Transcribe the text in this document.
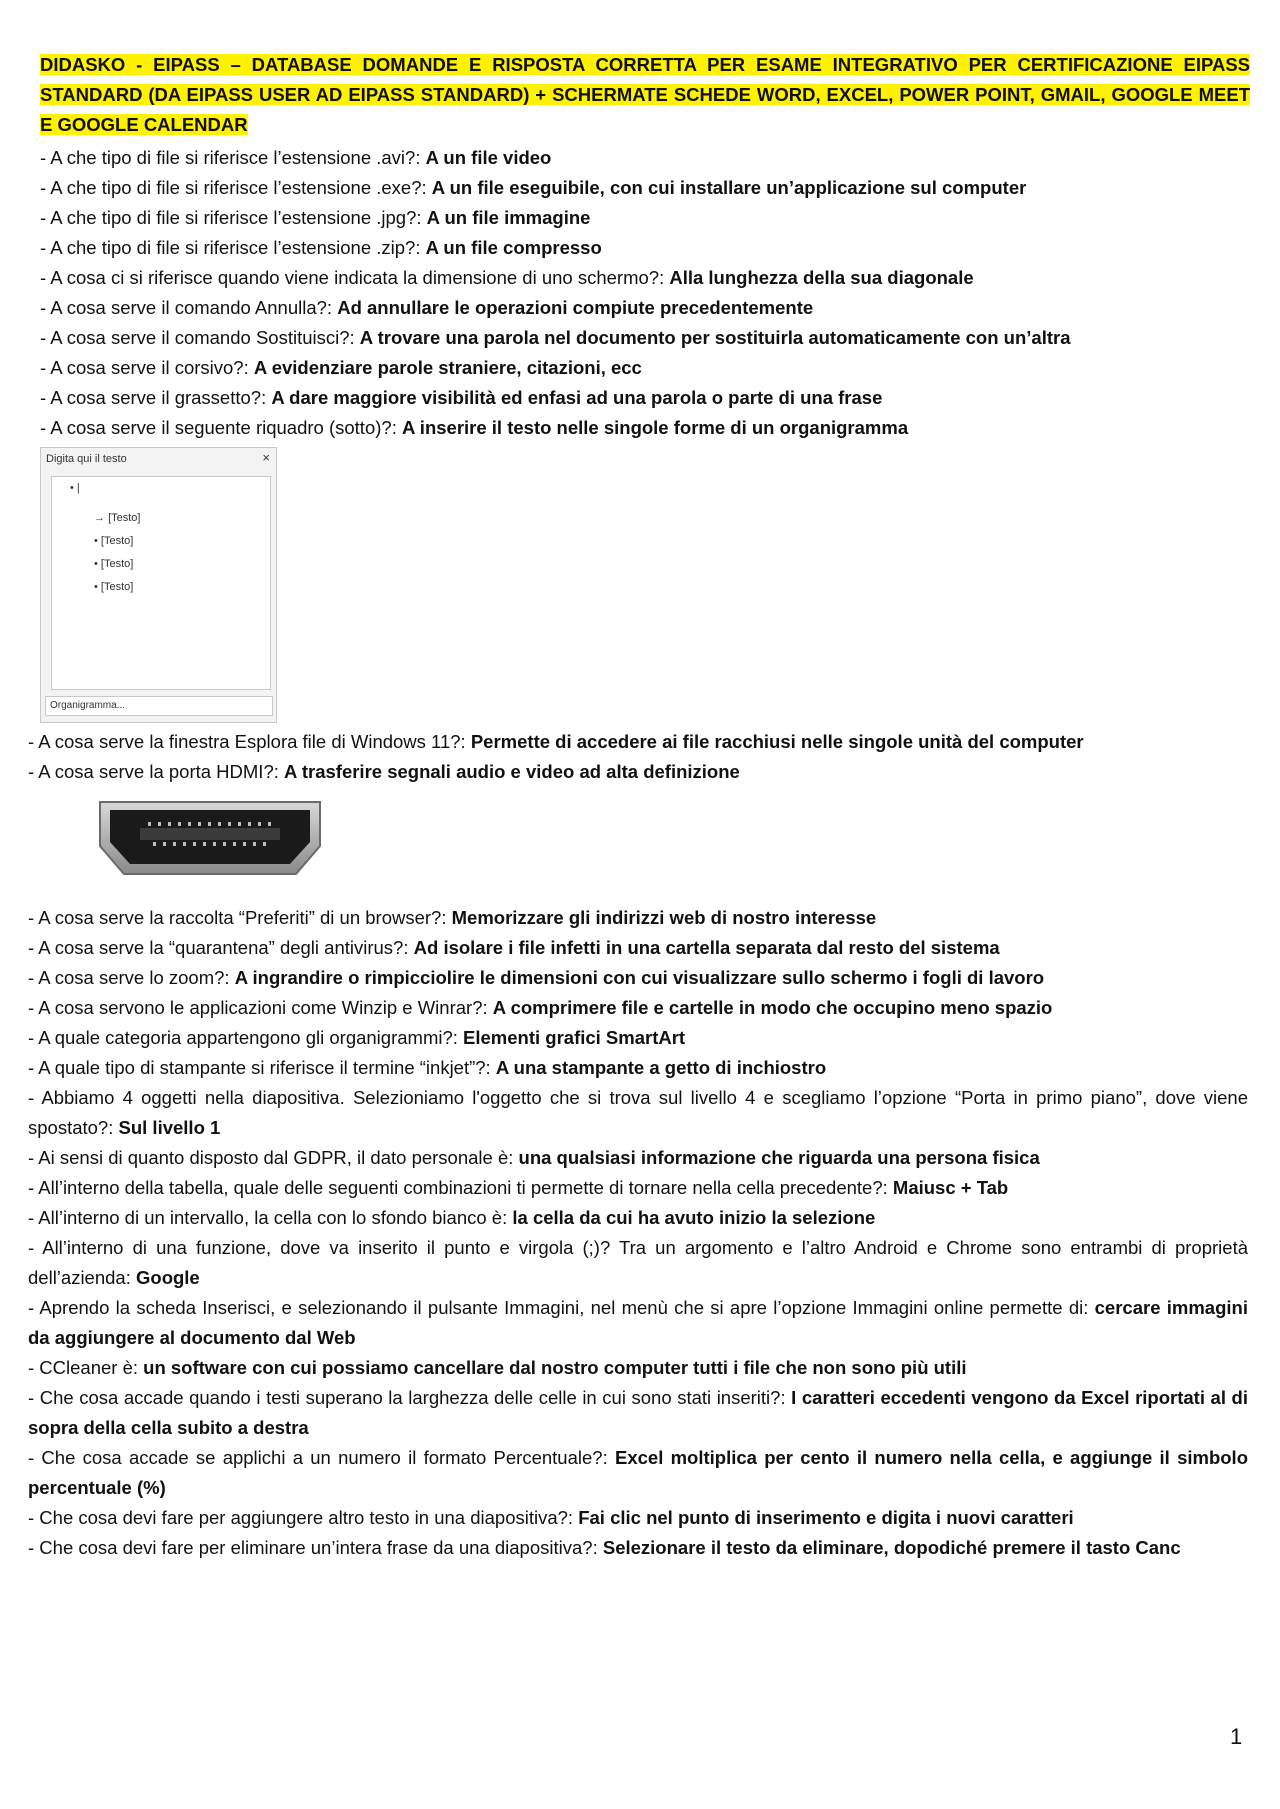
DIDASKO - EIPASS – DATABASE DOMANDE E RISPOSTA CORRETTA PER ESAME INTEGRATIVO PER CERTIFICAZIONE EIPASS STANDARD (DA EIPASS USER AD EIPASS STANDARD) + SCHERMATE SCHEDE WORD, EXCEL, POWER POINT, GMAIL, GOOGLE MEET E GOOGLE CALENDAR
- A che tipo di file si riferisce l’estensione .avi?: A un file video
- A che tipo di file si riferisce l’estensione .exe?: A un file eseguibile, con cui installare un’applicazione sul computer
- A che tipo di file si riferisce l’estensione .jpg?: A un file immagine
- A che tipo di file si riferisce l’estensione .zip?: A un file compresso
- A cosa ci si riferisce quando viene indicata la dimensione di uno schermo?: Alla lunghezza della sua diagonale
- A cosa serve il comando Annulla?: Ad annullare le operazioni compiute precedentemente
- A cosa serve il comando Sostituisci?: A trovare una parola nel documento per sostituirla automaticamente con un’altra
- A cosa serve il corsivo?: A evidenziare parole straniere, citazioni, ecc
- A cosa serve il grassetto?: A dare maggiore visibilità ed enfasi ad una parola o parte di una frase
- A cosa serve il seguente riquadro (sotto)?: A inserire il testo nelle singole forme di un organigramma
Digita qui il testo	×
• |
→ [Testo]
• [Testo]
• [Testo]
• [Testo]
Organigramma...
- A cosa serve la finestra Esplora file di Windows 11?: Permette di accedere ai file racchiusi nelle singole unità del computer
- A cosa serve la porta HDMI?: A trasferire segnali audio e video ad alta definizione
- A cosa serve la raccolta “Preferiti” di un browser?: Memorizzare gli indirizzi web di nostro interesse
- A cosa serve la “quarantena” degli antivirus?: Ad isolare i file infetti in una cartella separata dal resto del sistema
- A cosa serve lo zoom?: A ingrandire o rimpicciolire le dimensioni con cui visualizzare sullo schermo i fogli di lavoro
- A cosa servono le applicazioni come Winzip e Winrar?: A comprimere file e cartelle in modo che occupino meno spazio
- A quale categoria appartengono gli organigrammi?: Elementi grafici SmartArt
- A quale tipo di stampante si riferisce il termine “inkjet”?: A una stampante a getto di inchiostro
- Abbiamo 4 oggetti nella diapositiva. Selezioniamo l'oggetto che si trova sul livello 4 e scegliamo l’opzione “Porta in primo piano”, dove viene spostato?: Sul livello 1
- Ai sensi di quanto disposto dal GDPR, il dato personale è: una qualsiasi informazione che riguarda una persona fisica
- All’interno della tabella, quale delle seguenti combinazioni ti permette di tornare nella cella precedente?: Maiusc + Tab
- All’interno di un intervallo, la cella con lo sfondo bianco è: la cella da cui ha avuto inizio la selezione
- All’interno di una funzione, dove va inserito il punto e virgola (;)? Tra un argomento e l’altro Android e Chrome sono entrambi di proprietà dell’azienda: Google
- Aprendo la scheda Inserisci, e selezionando il pulsante Immagini, nel menù che si apre l’opzione Immagini online permette di: cercare immagini da aggiungere al documento dal Web
- CCleaner è: un software con cui possiamo cancellare dal nostro computer tutti i file che non sono più utili
- Che cosa accade quando i testi superano la larghezza delle celle in cui sono stati inseriti?: I caratteri eccedenti vengono da Excel riportati al di sopra della cella subito a destra
- Che cosa accade se applichi a un numero il formato Percentuale?: Excel moltiplica per cento il numero nella cella, e aggiunge il simbolo percentuale (%)
- Che cosa devi fare per aggiungere altro testo in una diapositiva?: Fai clic nel punto di inserimento e digita i nuovi caratteri
- Che cosa devi fare per eliminare un’intera frase da una diapositiva?: Selezionare il testo da eliminare, dopodiché premere il tasto Canc
1
